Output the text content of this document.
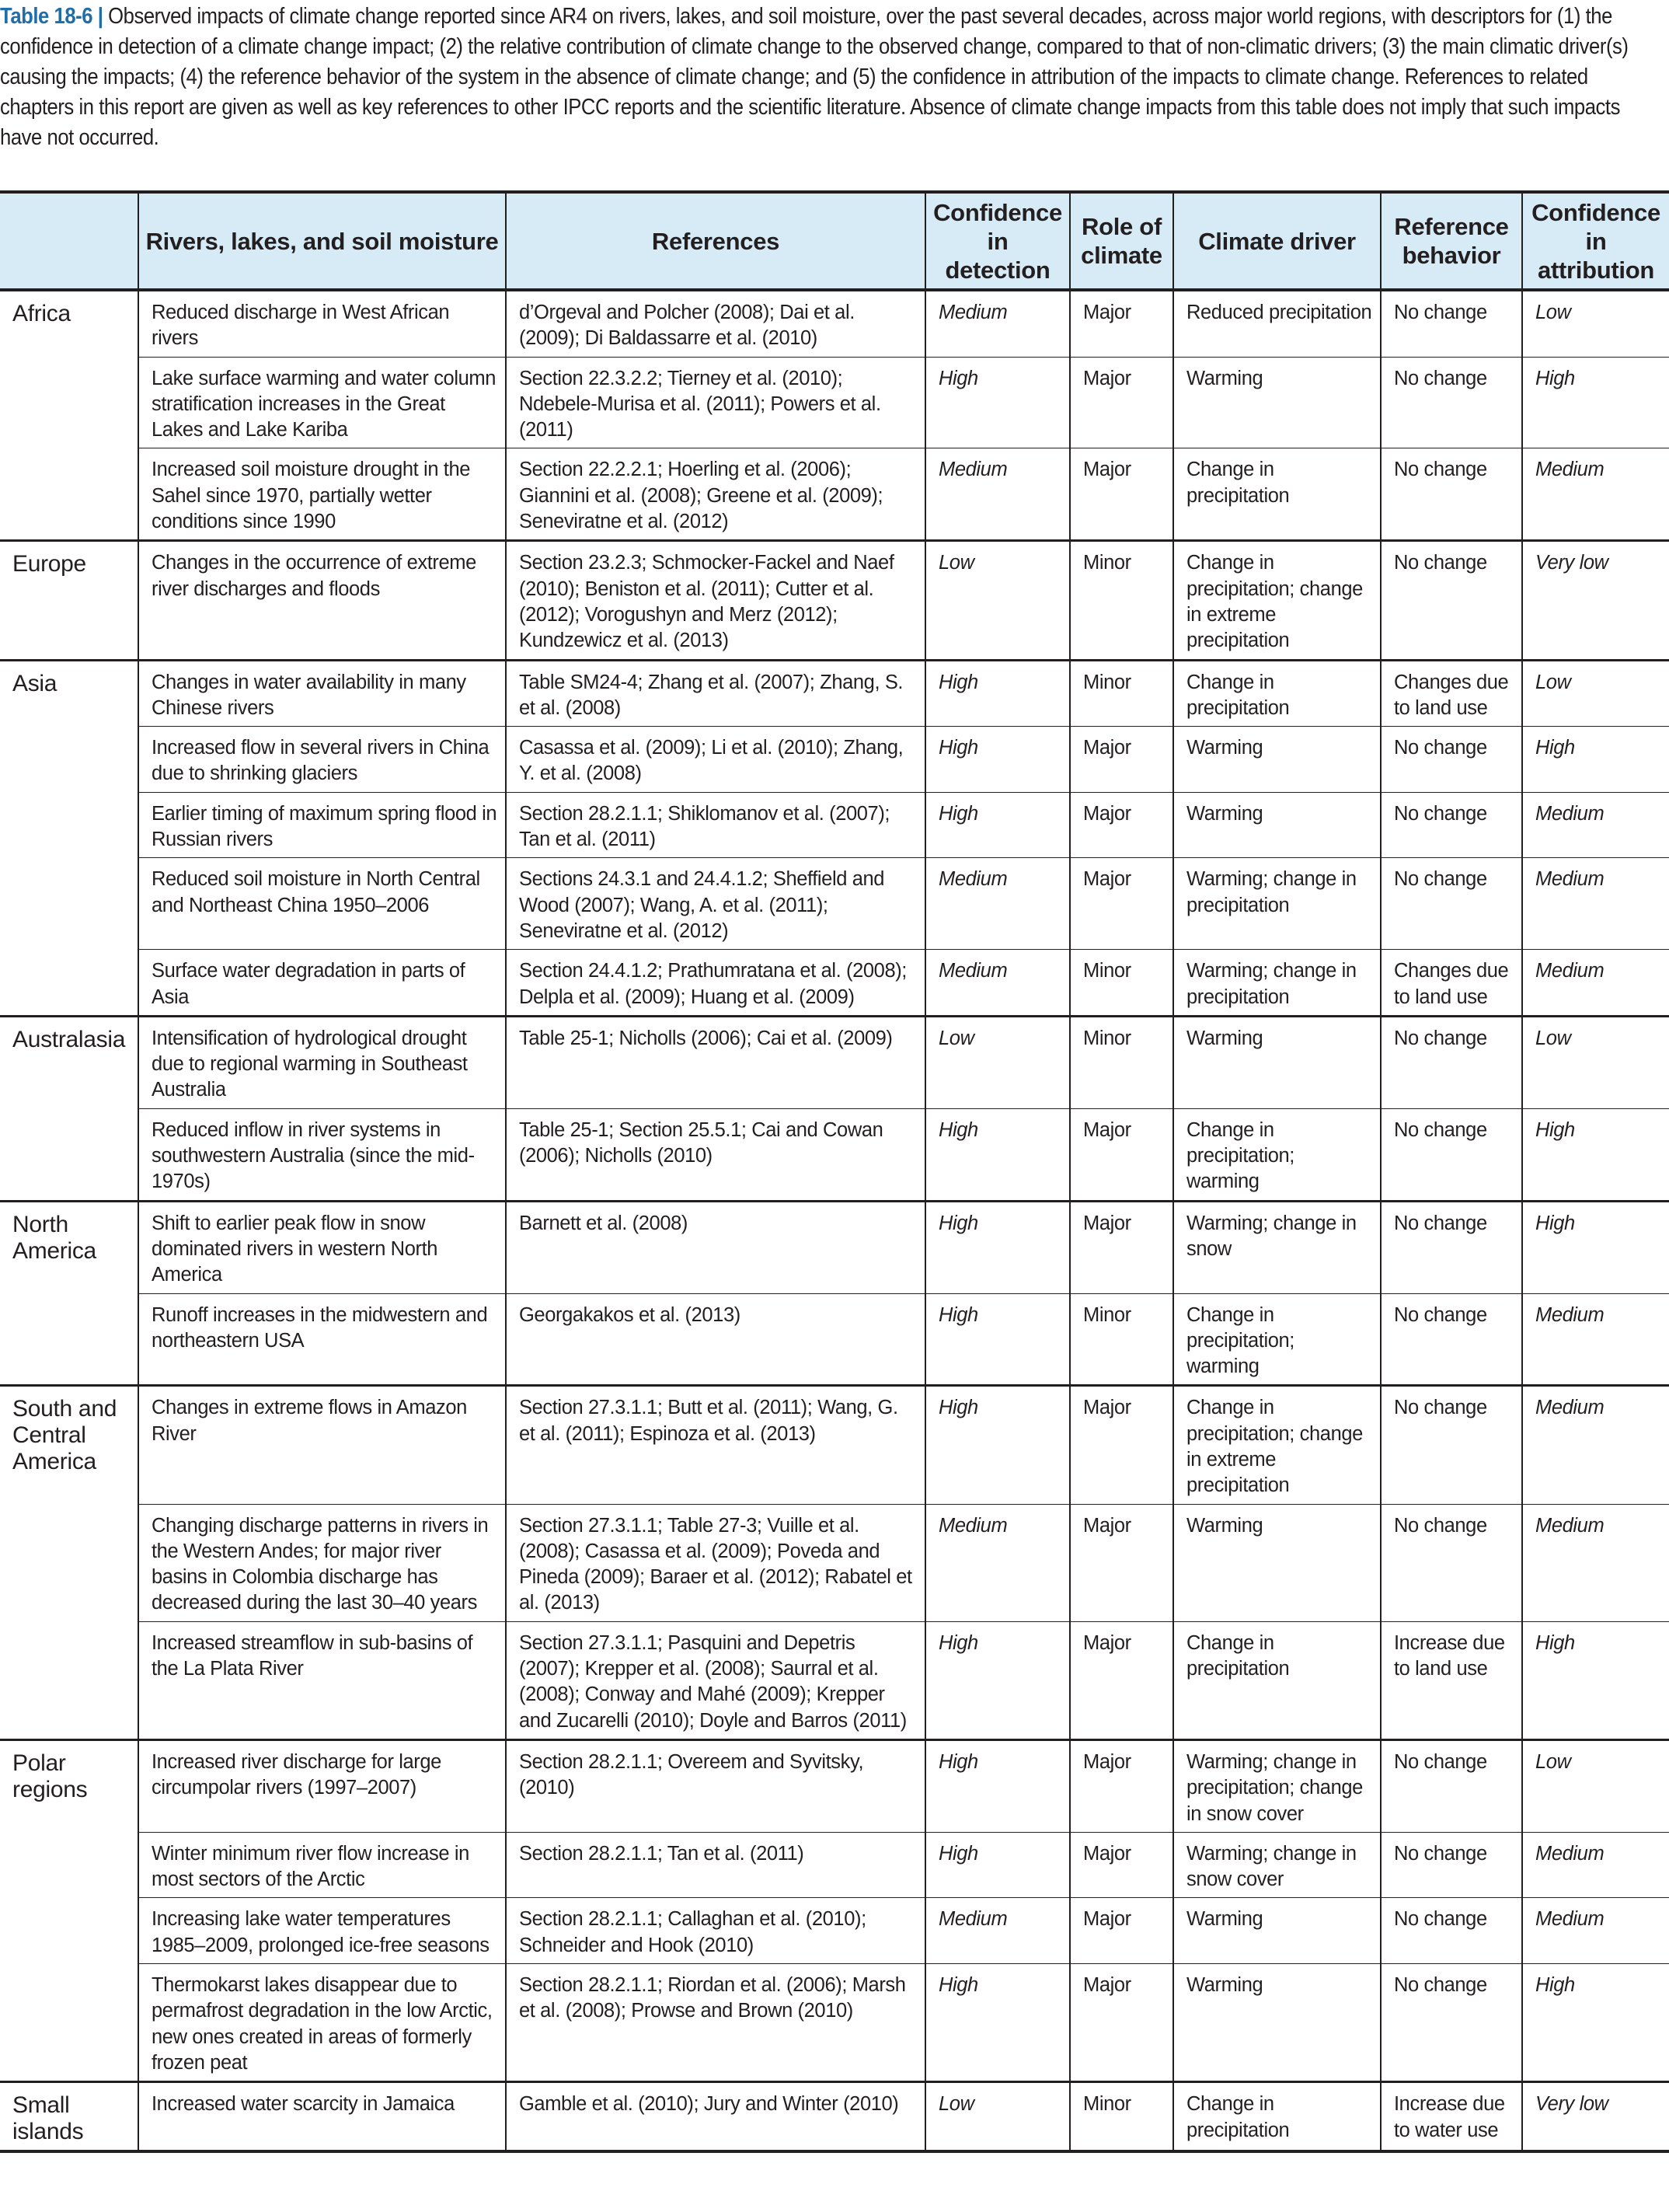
Table 18-6 | Observed impacts of climate change reported since AR4 on rivers, lakes, and soil moisture, over the past several decades, across major world regions, with descriptors for (1) the confidence in detection of a climate change impact; (2) the relative contribution of climate change to the observed change, compared to that of non-climatic drivers; (3) the main climatic driver(s) causing the impacts; (4) the reference behavior of the system in the absence of climate change; and (5) the confidence in attribution of the impacts to climate change. References to related chapters in this report are given as well as key references to other IPCC reports and the scientific literature. Absence of climate change impacts from this table does not imply that such impacts have not occurred.
	Rivers, lakes, and soil moisture	References	Confidence in detection	Role of climate	Climate driver	Reference behavior	Confidence in attribution
Africa	Reduced discharge in West African rivers	d’Orgeval and Polcher (2008); Dai et al. (2009); Di Baldassarre et al. (2010)	Medium	Major	Reduced precipitation	No change	Low
	Lake surface warming and water column stratification increases in the Great Lakes and Lake Kariba	Section 22.3.2.2; Tierney et al. (2010); Ndebele-Murisa et al. (2011); Powers et al. (2011)	High	Major	Warming	No change	High
	Increased soil moisture drought in the Sahel since 1970, partially wetter conditions since 1990	Section 22.2.2.1; Hoerling et al. (2006); Giannini et al. (2008); Greene et al. (2009); Seneviratne et al. (2012)	Medium	Major	Change in precipitation	No change	Medium
Europe	Changes in the occurrence of extreme river discharges and floods	Section 23.2.3; Schmocker-Fackel and Naef (2010); Beniston et al. (2011); Cutter et al. (2012); Vorogushyn and Merz (2012); Kundzewicz et al. (2013)	Low	Minor	Change in precipitation; change in extreme precipitation	No change	Very low
Asia	Changes in water availability in many Chinese rivers	Table SM24-4; Zhang et al. (2007); Zhang, S. et al. (2008)	High	Minor	Change in precipitation	Changes due to land use	Low
	Increased flow in several rivers in China due to shrinking glaciers	Casassa et al. (2009); Li et al. (2010); Zhang, Y. et al. (2008)	High	Major	Warming	No change	High
	Earlier timing of maximum spring flood in Russian rivers	Section 28.2.1.1; Shiklomanov et al. (2007); Tan et al. (2011)	High	Major	Warming	No change	Medium
	Reduced soil moisture in North Central and Northeast China 1950–2006	Sections 24.3.1 and 24.4.1.2; Sheffield and Wood (2007); Wang, A. et al. (2011); Seneviratne et al. (2012)	Medium	Major	Warming; change in precipitation	No change	Medium
	Surface water degradation in parts of Asia	Section 24.4.1.2; Prathumratana et al. (2008); Delpla et al. (2009); Huang et al. (2009)	Medium	Minor	Warming; change in precipitation	Changes due to land use	Medium
Australasia	Intensification of hydrological drought due to regional warming in Southeast Australia	Table 25-1; Nicholls (2006); Cai et al. (2009)	Low	Minor	Warming	No change	Low
	Reduced inflow in river systems in southwestern Australia (since the mid-1970s)	Table 25-1; Section 25.5.1; Cai and Cowan (2006); Nicholls (2010)	High	Major	Change in precipitation; warming	No change	High
North America	Shift to earlier peak flow in snow dominated rivers in western North America	Barnett et al. (2008)	High	Major	Warming; change in snow	No change	High
	Runoff increases in the midwestern and northeastern USA	Georgakakos et al. (2013)	High	Minor	Change in precipitation; warming	No change	Medium
South and Central America	Changes in extreme flows in Amazon River	Section 27.3.1.1; Butt et al. (2011); Wang, G. et al. (2011); Espinoza et al. (2013)	High	Major	Change in precipitation; change in extreme precipitation	No change	Medium
	Changing discharge patterns in rivers in the Western Andes; for major river basins in Colombia discharge has decreased during the last 30–40 years	Section 27.3.1.1; Table 27-3; Vuille et al. (2008); Casassa et al. (2009); Poveda and Pineda (2009); Baraer et al. (2012); Rabatel et al. (2013)	Medium	Major	Warming	No change	Medium
	Increased streamflow in sub-basins of the La Plata River	Section 27.3.1.1; Pasquini and Depetris (2007); Krepper et al. (2008); Saurral et al. (2008); Conway and Mahé (2009); Krepper and Zucarelli (2010); Doyle and Barros (2011)	High	Major	Change in precipitation	Increase due to land use	High
Polar regions	Increased river discharge for large circumpolar rivers (1997–2007)	Section 28.2.1.1; Overeem and Syvitsky, (2010)	High	Major	Warming; change in precipitation; change in snow cover	No change	Low
	Winter minimum river flow increase in most sectors of the Arctic	Section 28.2.1.1; Tan et al. (2011)	High	Major	Warming; change in snow cover	No change	Medium
	Increasing lake water temperatures 1985–2009, prolonged ice-free seasons	Section 28.2.1.1; Callaghan et al. (2010); Schneider and Hook (2010)	Medium	Major	Warming	No change	Medium
	Thermokarst lakes disappear due to permafrost degradation in the low Arctic, new ones created in areas of formerly frozen peat	Section 28.2.1.1; Riordan et al. (2006); Marsh et al. (2008); Prowse and Brown (2010)	High	Major	Warming	No change	High
Small islands	Increased water scarcity in Jamaica	Gamble et al. (2010); Jury and Winter (2010)	Low	Minor	Change in precipitation	Increase due to water use	Very low
